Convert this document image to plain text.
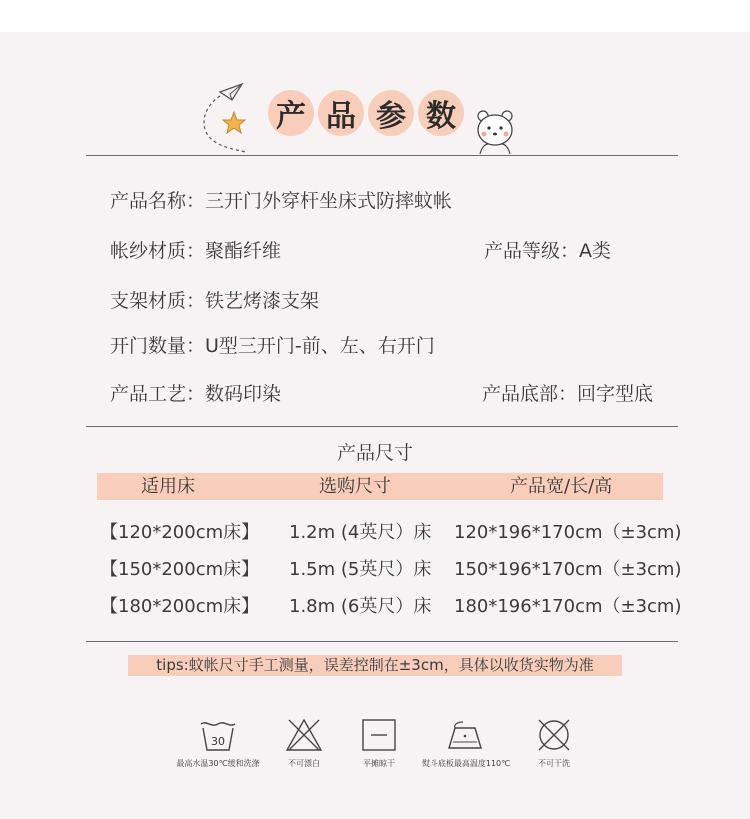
产 品 参 数
产品名称：三开门外穿杆坐床式防摔蚊帐
帐纱材质：聚酯纤维	产品等级：A类
支架材质：铁艺烤漆支架
开门数量：U型三开门-前、左、右开门
产品工艺：数码印染	产品底部：回字型底
产品尺寸
适用床	选购尺寸	产品宽/长/高
【120*200cm床】 1.2m (4英尺）床 120*196*170cm（±3cm)
【150*200cm床】 1.5m (5英尺）床 150*196*170cm（±3cm)
【180*200cm床】 1.8m (6英尺）床 180*196*170cm（±3cm)
tips:蚊帐尺寸手工测量，误差控制在±3cm，具体以收货实物为准
30
最高水温30℃缓和洗涤	不可漂白	平摊晾干	熨斗底板最高温度110℃	不可干洗
